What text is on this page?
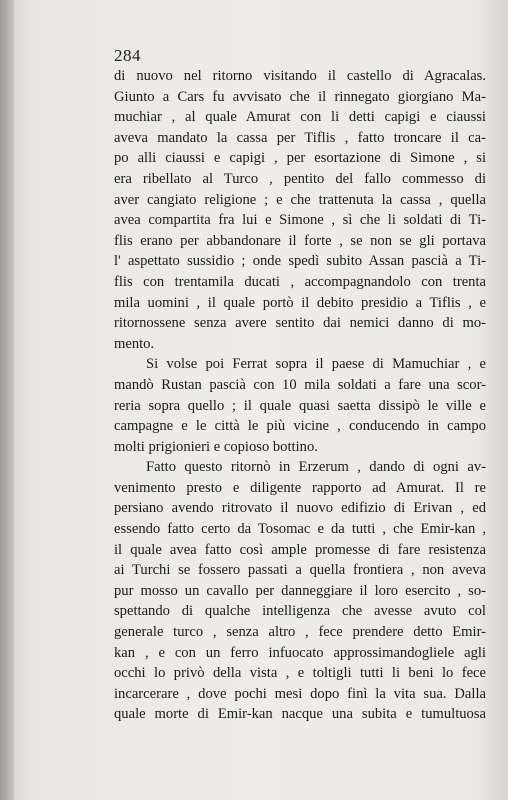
284
di nuovo nel ritorno visitando il castello di Agracalas.
Giunto a Cars fu avvisato che il rinnegato giorgiano Ma-
muchiar , al quale Amurat con li detti capigi e ciaussi
aveva mandato la cassa per Tiflis , fatto troncare il ca-
po alli ciaussi e capigi , per esortazione di Simone , si
era ribellato al Turco , pentito del fallo commesso di
aver cangiato religione ; e che trattenuta la cassa , quella
avea compartita fra lui e Simone , sì che li soldati di Ti-
flis erano per abbandonare il forte , se non se gli portava
l' aspettato sussidio ; onde spedì subito Assan pascià a Ti-
flis con trentamila ducati , accompagnandolo con trenta
mila uomini , il quale portò il debito presidio a Tiflis , e
ritornossene senza avere sentito dai nemici danno di mo-
mento.
Si volse poi Ferrat sopra il paese di Mamuchiar , e
mandò Rustan pascià con 10 mila soldati a fare una scor-
reria sopra quello ; il quale quasi saetta dissipò le ville e
campagne e le città le più vicine , conducendo in campo
molti prigionieri e copioso bottino.
Fatto questo ritornò in Erzerum , dando di ogni av-
venimento presto e diligente rapporto ad Amurat. Il re
persiano avendo ritrovato il nuovo edifizio di Erivan , ed
essendo fatto certo da Tosomac e da tutti , che Emir-kan ,
il quale avea fatto così ample promesse di fare resistenza
ai Turchi se fossero passati a quella frontiera , non aveva
pur mosso un cavallo per danneggiare il loro esercito , so-
spettando di qualche intelligenza che avesse avuto col
generale turco , senza altro , fece prendere detto Emir-
kan , e con un ferro infuocato approssimandogliele agli
occhi lo privò della vista , e toltigli tutti li beni lo fece
incarcerare , dove pochi mesi dopo finì la vita sua. Dalla
quale morte di Emir-kan nacque una subita e tumultuosa
